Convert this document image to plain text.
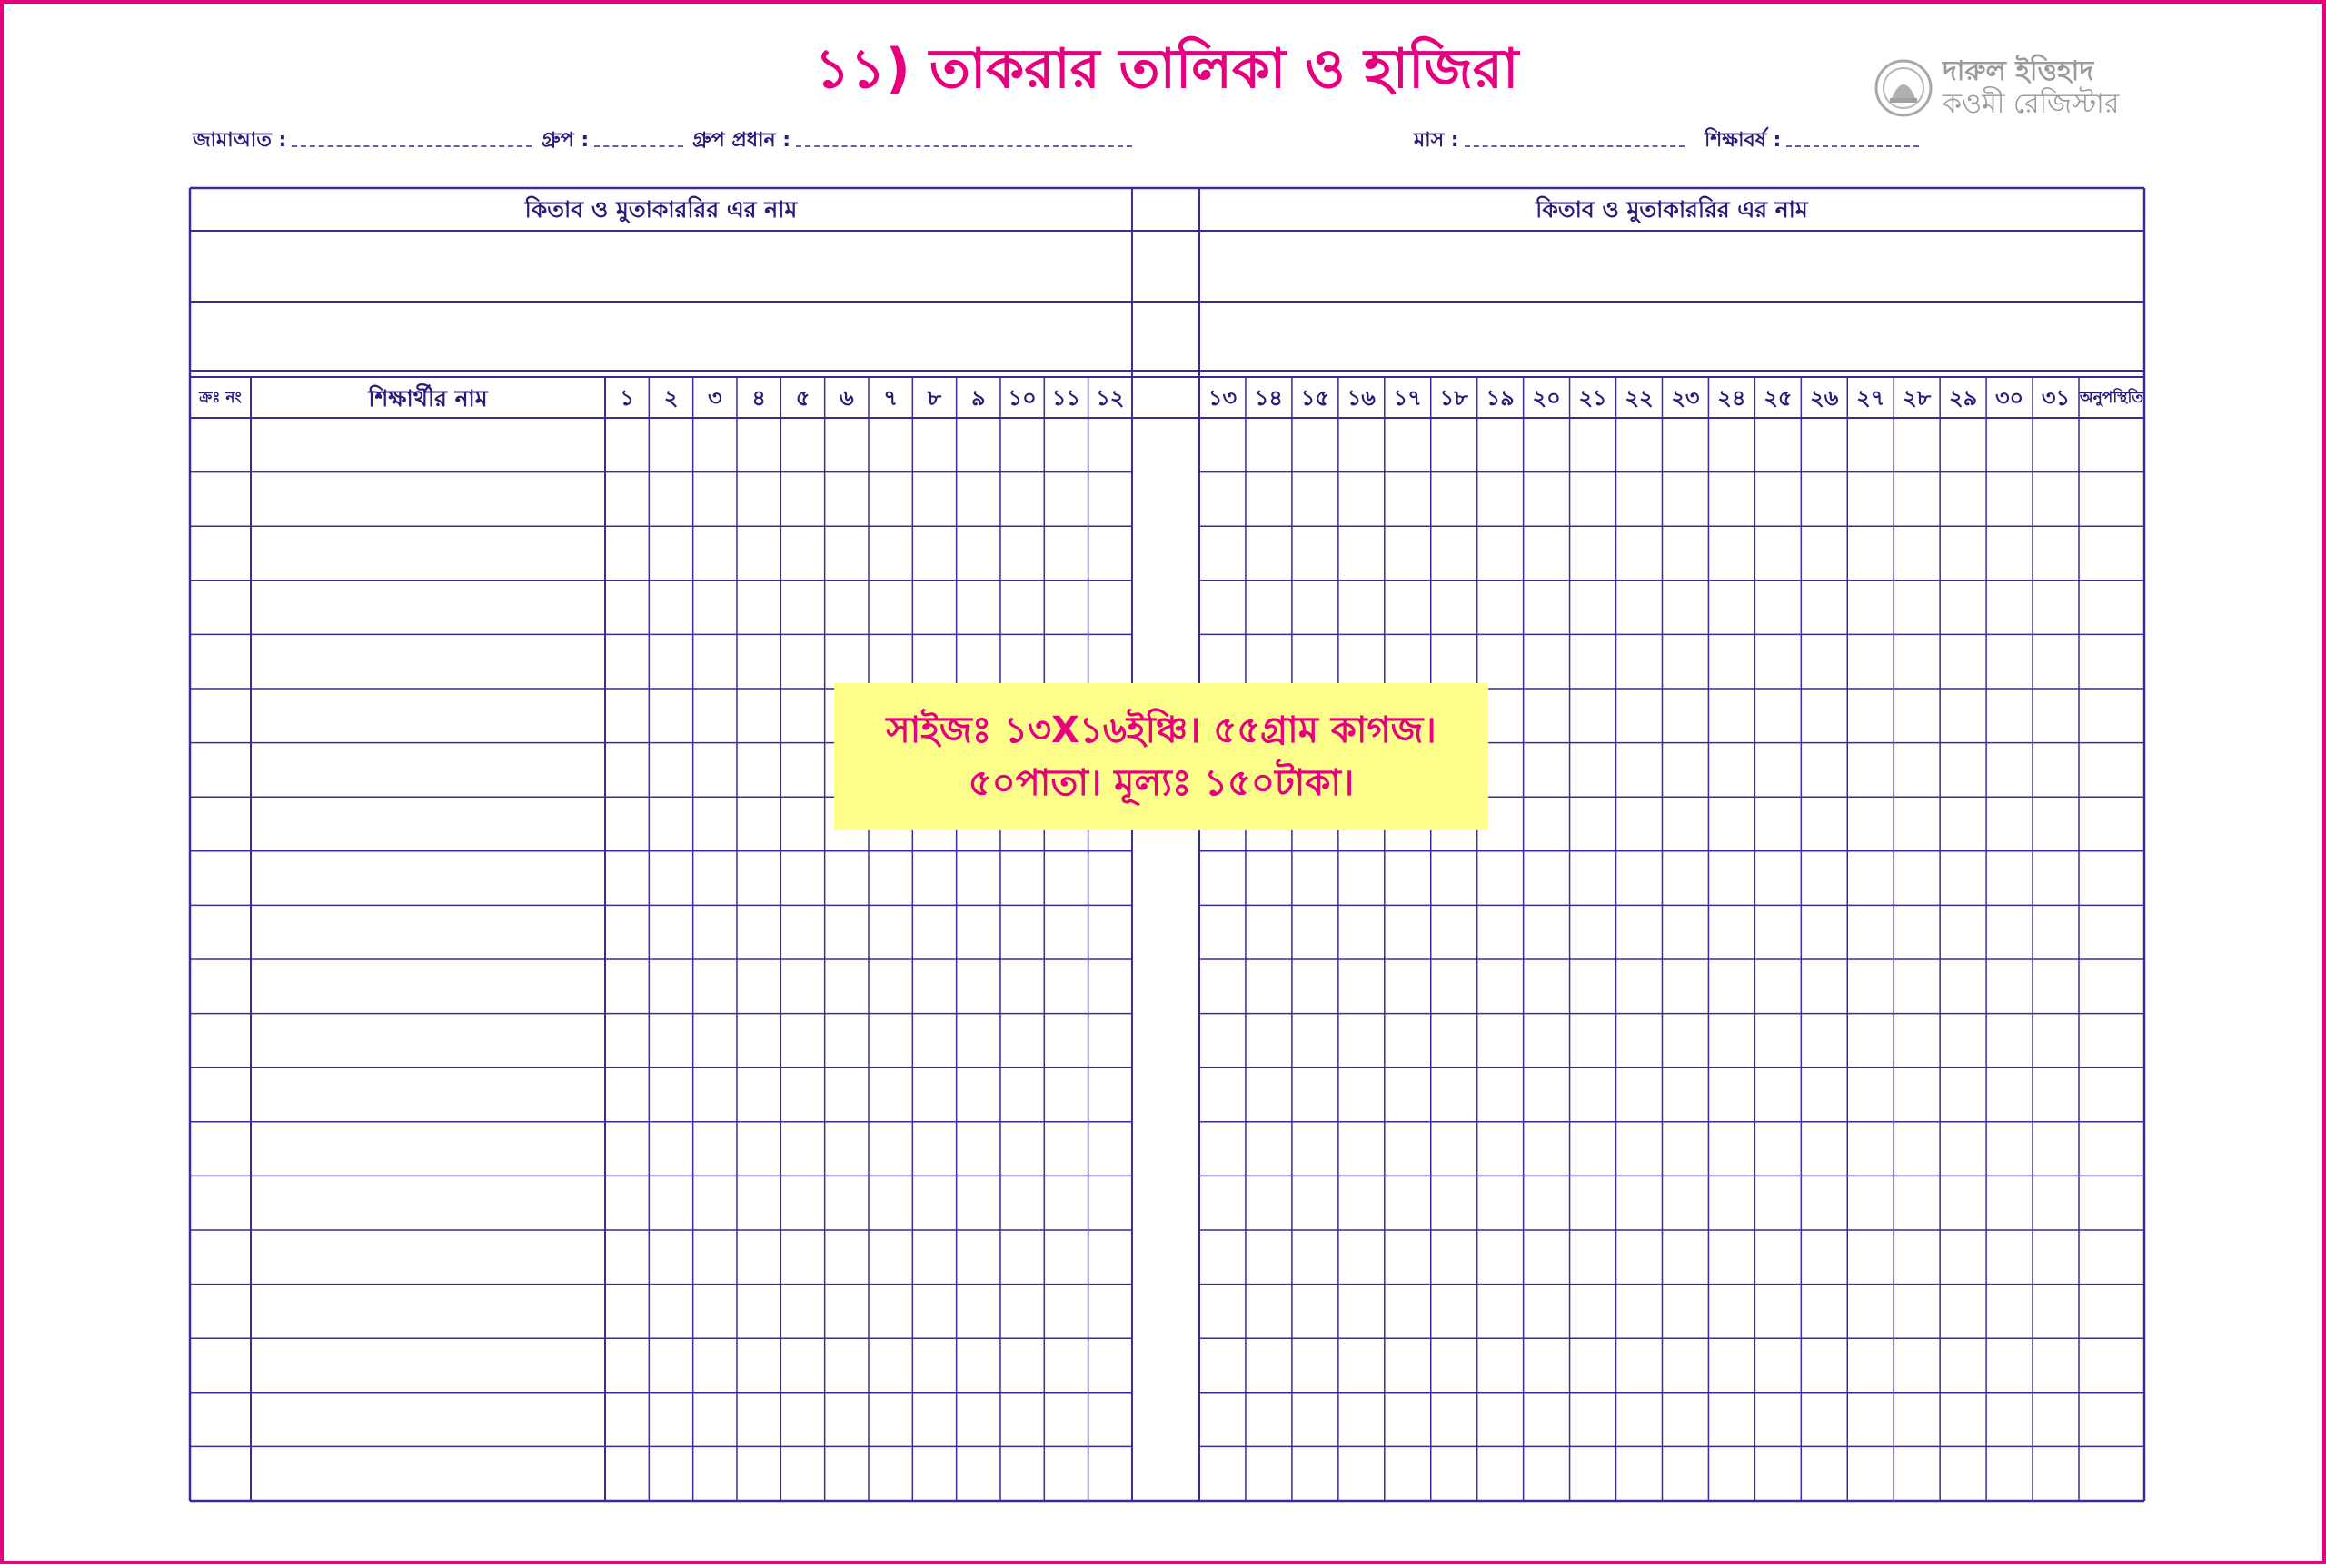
১১) তাকরার তালিকা ও হাজিরা	দারুল ইত্তিহাদ
কওমী রেজিস্টার
জামাআত :	গ্রুপ :	গ্রুপ প্রধান :	মাস :	শিক্ষাবর্ষ :
কিতাব ও মুতাকাররির এর নাম	কিতাব ও মুতাকাররির এর নাম
ক্রঃ নং	শিক্ষার্থীর নাম	১	২	৩	৪	৫	৬	৭	৮	৯	১০ ১১ ১২	১৩ ১৪ ১৫ ১৬ ১৭ ১৮ ১৯ ২০ ২১ ২২ ২৩ ২৪ ২৫ ২৬ ২৭ ২৮ ২৯ ৩০ ৩১ অনুপস্থিতি
সাইজঃ ১৩X১৬ইঞ্চি। ৫৫গ্রাম কাগজ।
৫০পাতা। মূল্যঃ ১৫০টাকা।
